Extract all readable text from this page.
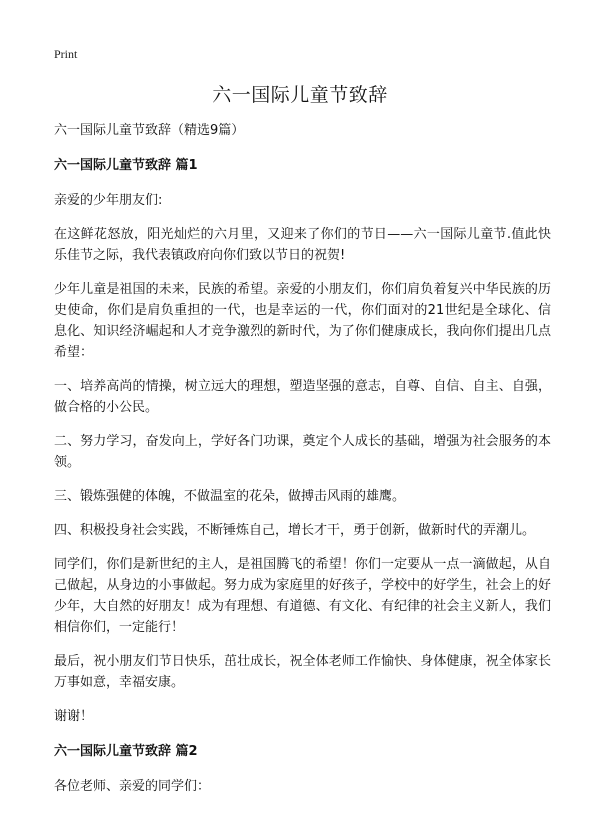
Print
六一国际儿童节致辞

六一国际儿童节致辞（精选9篇）

六一国际儿童节致辞 篇1

亲爱的少年朋友们:

在这鲜花怒放，阳光灿烂的六月里，又迎来了你们的节日——六一国际儿童节.值此快乐佳节之际，我代表镇政府向你们致以节日的祝贺!

少年儿童是祖国的未来，民族的希望。亲爱的小朋友们，你们肩负着复兴中华民族的历史使命，你们是肩负重担的一代，也是幸运的一代，你们面对的21世纪是全球化、信息化、知识经济崛起和人才竞争激烈的新时代，为了你们健康成长，我向你们提出几点希望：

一、培养高尚的情操，树立远大的理想，塑造坚强的意志，自尊、自信、自主、自强，做合格的小公民。

二、努力学习，奋发向上，学好各门功课，奠定个人成长的基础，增强为社会服务的本领。

三、锻炼强健的体魄，不做温室的花朵，做搏击风雨的雄鹰。

四、积极投身社会实践，不断锤炼自己，增长才干，勇于创新，做新时代的弄潮儿。

同学们，你们是新世纪的主人，是祖国腾飞的希望！你们一定要从一点一滴做起，从自己做起，从身边的小事做起。努力成为家庭里的好孩子，学校中的好学生，社会上的好少年，大自然的好朋友！成为有理想、有道德、有文化、有纪律的社会主义新人，我们相信你们，一定能行！

最后，祝小朋友们节日快乐，茁壮成长，祝全体老师工作愉快、身体健康，祝全体家长万事如意，幸福安康。

谢谢！

六一国际儿童节致辞 篇2

各位老师、亲爱的同学们：
